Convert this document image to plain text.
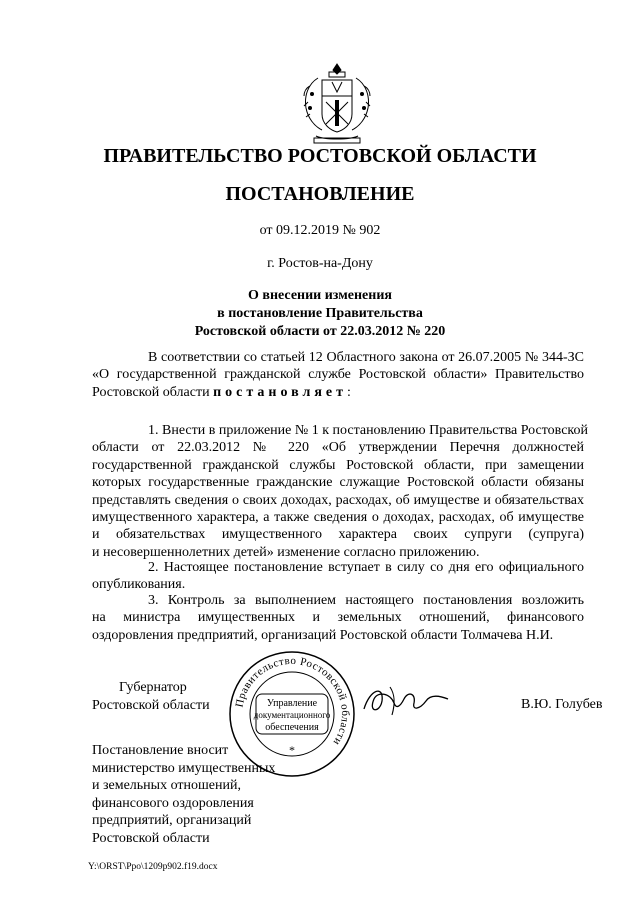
ПРАВИТЕЛЬСТВО РОСТОВСКОЙ ОБЛАСТИ
ПОСТАНОВЛЕНИЕ
от 09.12.2019 № 902
г. Ростов-на-Дону
О внесении изменения
в постановление Правительства
Ростовской области от 22.03.2012 № 220
В соответствии со статьей 12 Областного закона от 26.07.2005 № 344-ЗС
«О государственной гражданской службе Ростовской области» Правительство
Ростовской области постановляет:
1. Внести в приложение № 1 к постановлению Правительства Ростовской
области от 22.03.2012 № 220 «Об утверждении Перечня должностей
государственной гражданской службы Ростовской области, при замещении
которых государственные гражданские служащие Ростовской области обязаны
представлять сведения о своих доходах, расходах, об имуществе и обязательствах
имущественного характера, а также сведения о доходах, расходах, об имуществе
и обязательствах имущественного характера своих супруги (супруга)
и несовершеннолетних детей» изменение согласно приложению.
2. Настоящее постановление вступает в силу со дня его официального
опубликования.
3. Контроль за выполнением настоящего постановления возложить
на министра имущественных и земельных отношений, финансового
оздоровления предприятий, организаций Ростовской области Толмачева Н.И.
Губернатор
Ростовской области Правительство Ростовской области
Управление
документационного
обеспечения
*
В.Ю. Голубев
Постановление вносит
министерство имущественных
и земельных отношений,
финансового оздоровления
предприятий, организаций
Ростовской области
Y:\ORST\Ppo\1209p902.f19.docx
